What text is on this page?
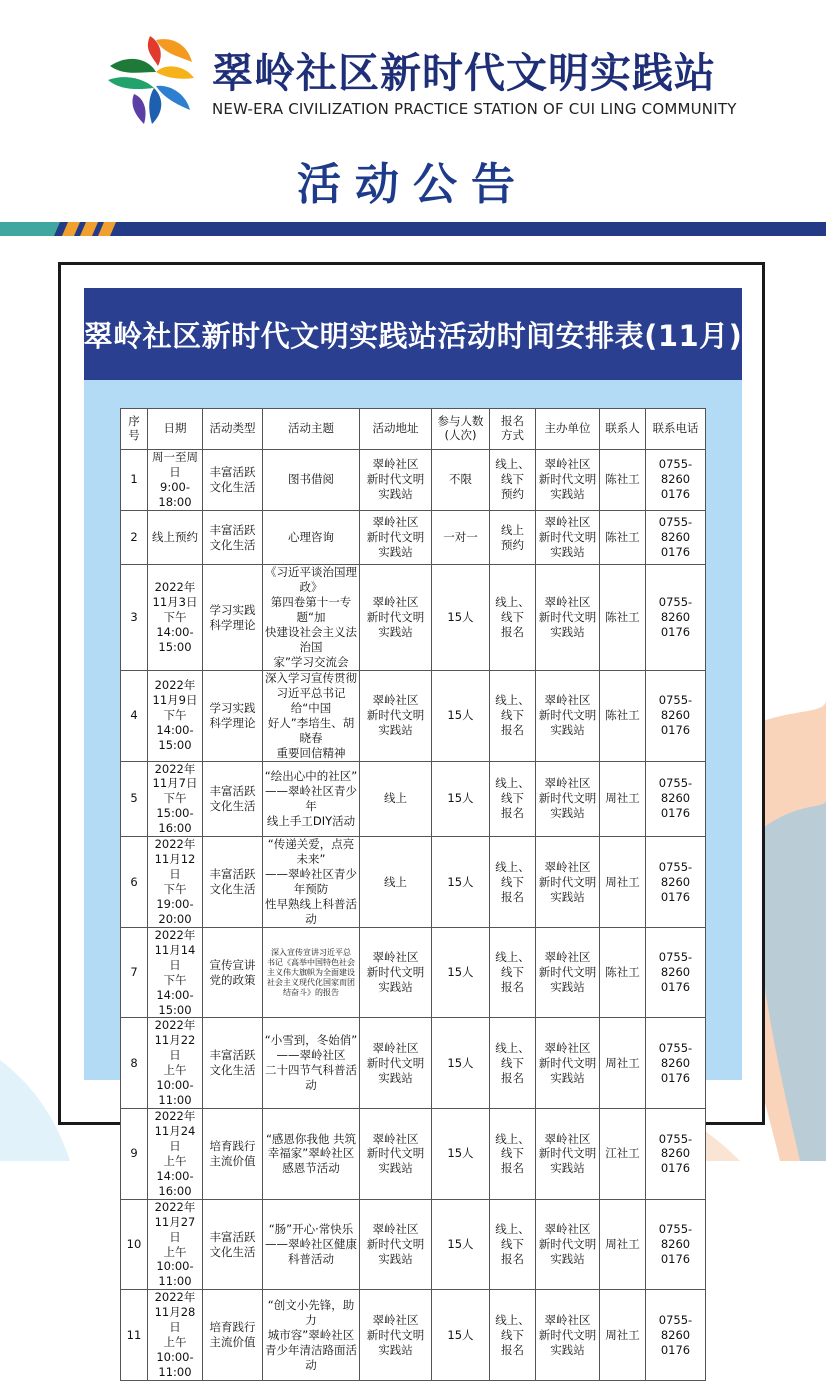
翠岭社区新时代文明实践站
NEW-ERA CIVILIZATION PRACTICE STATION OF CUI LING COMMUNITY
活动公告
翠岭社区新时代文明实践站活动时间安排表(11月)
序
号	日期	活动类型	活动主题	活动地址	参与人数
(人次)	报名
方式	主办单位	联系人	联系电话
1	周一至周日
9:00-18:00	丰富活跃
文化生活	图书借阅	翠岭社区
新时代文明
实践站	不限	线上、
线下
预约	翠岭社区
新时代文明
实践站	陈社工	0755-
8260
0176
2	线上预约	丰富活跃
文化生活	心理咨询	翠岭社区
新时代文明
实践站	一对一	线上
预约	翠岭社区
新时代文明
实践站	陈社工	0755-
8260
0176
3	2022年11月3日
下午14:00-15:00	学习实践
科学理论	《习近平谈治国理政》
第四卷第十一专题“加
快建设社会主义法治国
家”学习交流会	翠岭社区
新时代文明
实践站	15人	线上、
线下
报名	翠岭社区
新时代文明
实践站	陈社工	0755-
8260
0176
4	2022年11月9日
下午14:00-15:00	学习实践
科学理论	深入学习宣传贯彻
习近平总书记给“中国
好人”李培生、胡晓春
重要回信精神	翠岭社区
新时代文明
实践站	15人	线上、
线下
报名	翠岭社区
新时代文明
实践站	陈社工	0755-
8260
0176
5	2022年11月7日
下午15:00-16:00	丰富活跃
文化生活	“绘出心中的社区”
——翠岭社区青少年
线上手工DIY活动	线上	15人	线上、
线下
报名	翠岭社区
新时代文明
实践站	周社工	0755-
8260
0176
6	2022年11月12日
下午19:00-20:00	丰富活跃
文化生活	“传递关爱，点亮未来”
——翠岭社区青少年预防
性早熟线上科普活动	线上	15人	线上、
线下
报名	翠岭社区
新时代文明
实践站	周社工	0755-
8260
0176
7	2022年11月14日
下午14:00-15:00	宣传宣讲
党的政策	深入宣传宣讲习近平总
书记《高举中国特色社会
主义伟大旗帜为全面建设
社会主义现代化国家而团
结奋斗》的报告	翠岭社区
新时代文明
实践站	15人	线上、
线下
报名	翠岭社区
新时代文明
实践站	陈社工	0755-
8260
0176
8	2022年11月22日
上午10:00-11:00	丰富活跃
文化生活	“小雪到，冬始俏”
——翠岭社区
二十四节气科普活动	翠岭社区
新时代文明
实践站	15人	线上、
线下
报名	翠岭社区
新时代文明
实践站	周社工	0755-
8260
0176
9	2022年11月24日
上午14:00-16:00	培育践行
主流价值	“感恩你我他 共筑
幸福家”翠岭社区
感恩节活动	翠岭社区
新时代文明
实践站	15人	线上、
线下
报名	翠岭社区
新时代文明
实践站	江社工	0755-
8260
0176
10	2022年11月27日
上午10:00-11:00	丰富活跃
文化生活	“肠”开心·常快乐
——翠岭社区健康
科普活动	翠岭社区
新时代文明
实践站	15人	线上、
线下
报名	翠岭社区
新时代文明
实践站	周社工	0755-
8260
0176
11	2022年11月28日
上午10:00-11:00	培育践行
主流价值	“创文小先锋，助力
城市容”翠岭社区
青少年清洁路面活动	翠岭社区
新时代文明
实践站	15人	线上、
线下
报名	翠岭社区
新时代文明
实践站	周社工	0755-
8260
0176
